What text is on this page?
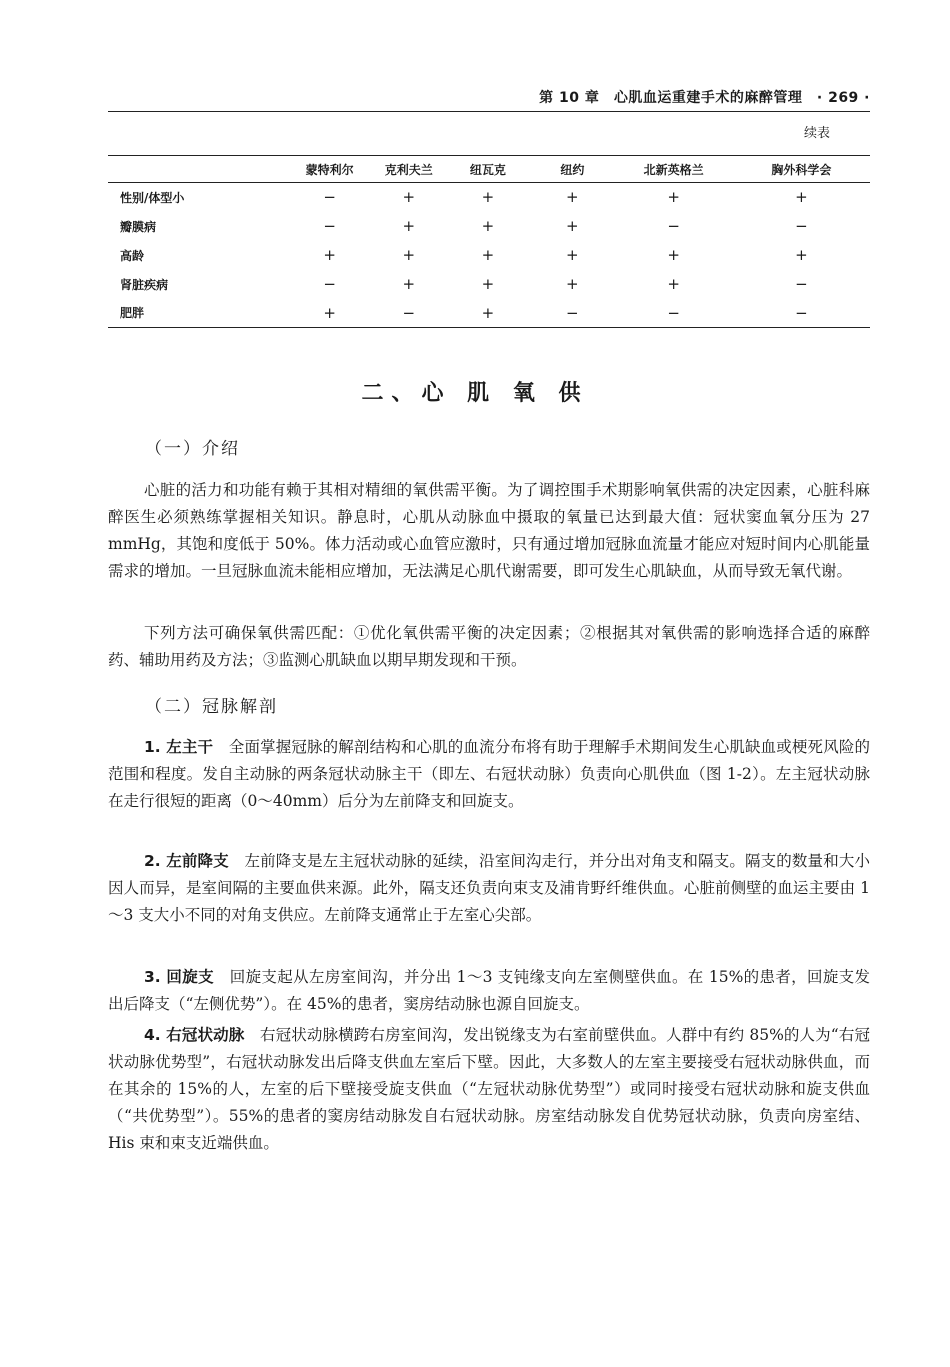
第 10 章　心肌血运重建手术的麻醉管理　· 269 ·
续表
	蒙特利尔	克利夫兰	纽瓦克	纽约	北新英格兰	胸外科学会
性别/体型小	−	+	+	+	+	+
瓣膜病	−	+	+	+	−	−
高龄	+	+	+	+	+	+
肾脏疾病	−	+	+	+	+	−
肥胖	+	−	+	−	−	−
二、心 肌 氧 供
（一）介绍

心脏的活力和功能有赖于其相对精细的氧供需平衡。为了调控围手术期影响氧供需的决定因素，心脏科麻醉医生必须熟练掌握相关知识。静息时，心肌从动脉血中摄取的氧量已达到最大值：冠状窦血氧分压为 27 mmHg，其饱和度低于 50%。体力活动或心血管应激时，只有通过增加冠脉血流量才能应对短时间内心肌能量需求的增加。一旦冠脉血流未能相应增加，无法满足心肌代谢需要，即可发生心肌缺血，从而导致无氧代谢。

下列方法可确保氧供需匹配：①优化氧供需平衡的决定因素；②根据其对氧供需的影响选择合适的麻醉药、辅助用药及方法；③监测心肌缺血以期早期发现和干预。

（二）冠脉解剖

1. 左主干　 全面掌握冠脉的解剖结构和心肌的血流分布将有助于理解手术期间发生心肌缺血或梗死风险的范围和程度。发自主动脉的两条冠状动脉主干（即左、右冠状动脉）负责向心肌供血（图 1-2）。左主冠状动脉在走行很短的距离（0～40mm）后分为左前降支和回旋支。

2. 左前降支　 左前降支是左主冠状动脉的延续，沿室间沟走行，并分出对角支和隔支。隔支的数量和大小因人而异，是室间隔的主要血供来源。此外，隔支还负责向束支及浦肯野纤维供血。心脏前侧壁的血运主要由 1～3 支大小不同的对角支供应。左前降支通常止于左室心尖部。

3. 回旋支　 回旋支起从左房室间沟，并分出 1～3 支钝缘支向左室侧壁供血。在 15%的患者，回旋支发出后降支（“左侧优势”）。在 45%的患者，窦房结动脉也源自回旋支。

4. 右冠状动脉　 右冠状动脉横跨右房室间沟，发出锐缘支为右室前壁供血。人群中有约 85%的人为“右冠状动脉优势型”，右冠状动脉发出后降支供血左室后下壁。因此，大多数人的左室主要接受右冠状动脉供血，而在其余的 15%的人，左室的后下壁接受旋支供血（“左冠状动脉优势型”）或同时接受右冠状动脉和旋支供血（“共优势型”）。55%的患者的窦房结动脉发自右冠状动脉。房室结动脉发自优势冠状动脉，负责向房室结、His 束和束支近端供血。
